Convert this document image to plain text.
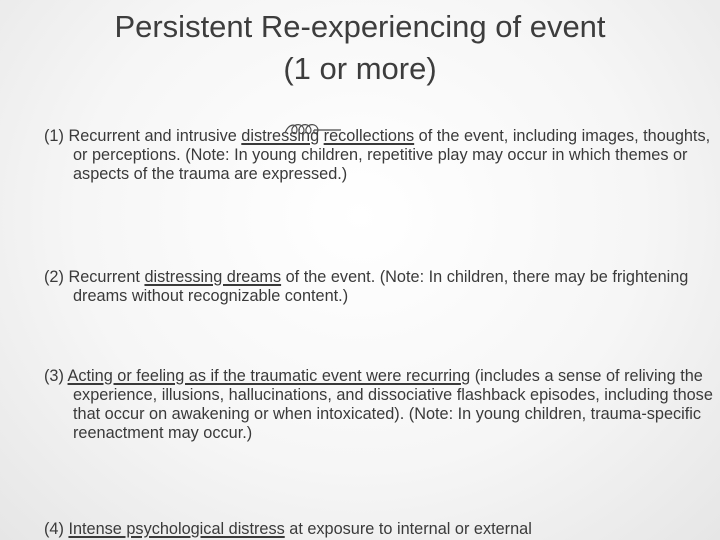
Persistent Re-experiencing of event
(1 or more)

(1) Recurrent and intrusive distressing recollections of the event, including images, thoughts, or perceptions. (Note: In young children, repetitive play may occur in which themes or aspects of the trauma are expressed.)

(2) Recurrent distressing dreams of the event. (Note: In children, there may be frightening dreams without recognizable content.)

(3) Acting or feeling as if the traumatic event were recurring (includes a sense of reliving the experience, illusions, hallucinations, and dissociative flashback episodes, including those that occur on awakening or when intoxicated). (Note: In young children, trauma-specific reenactment may occur.)

(4) Intense psychological distress at exposure to internal or external
